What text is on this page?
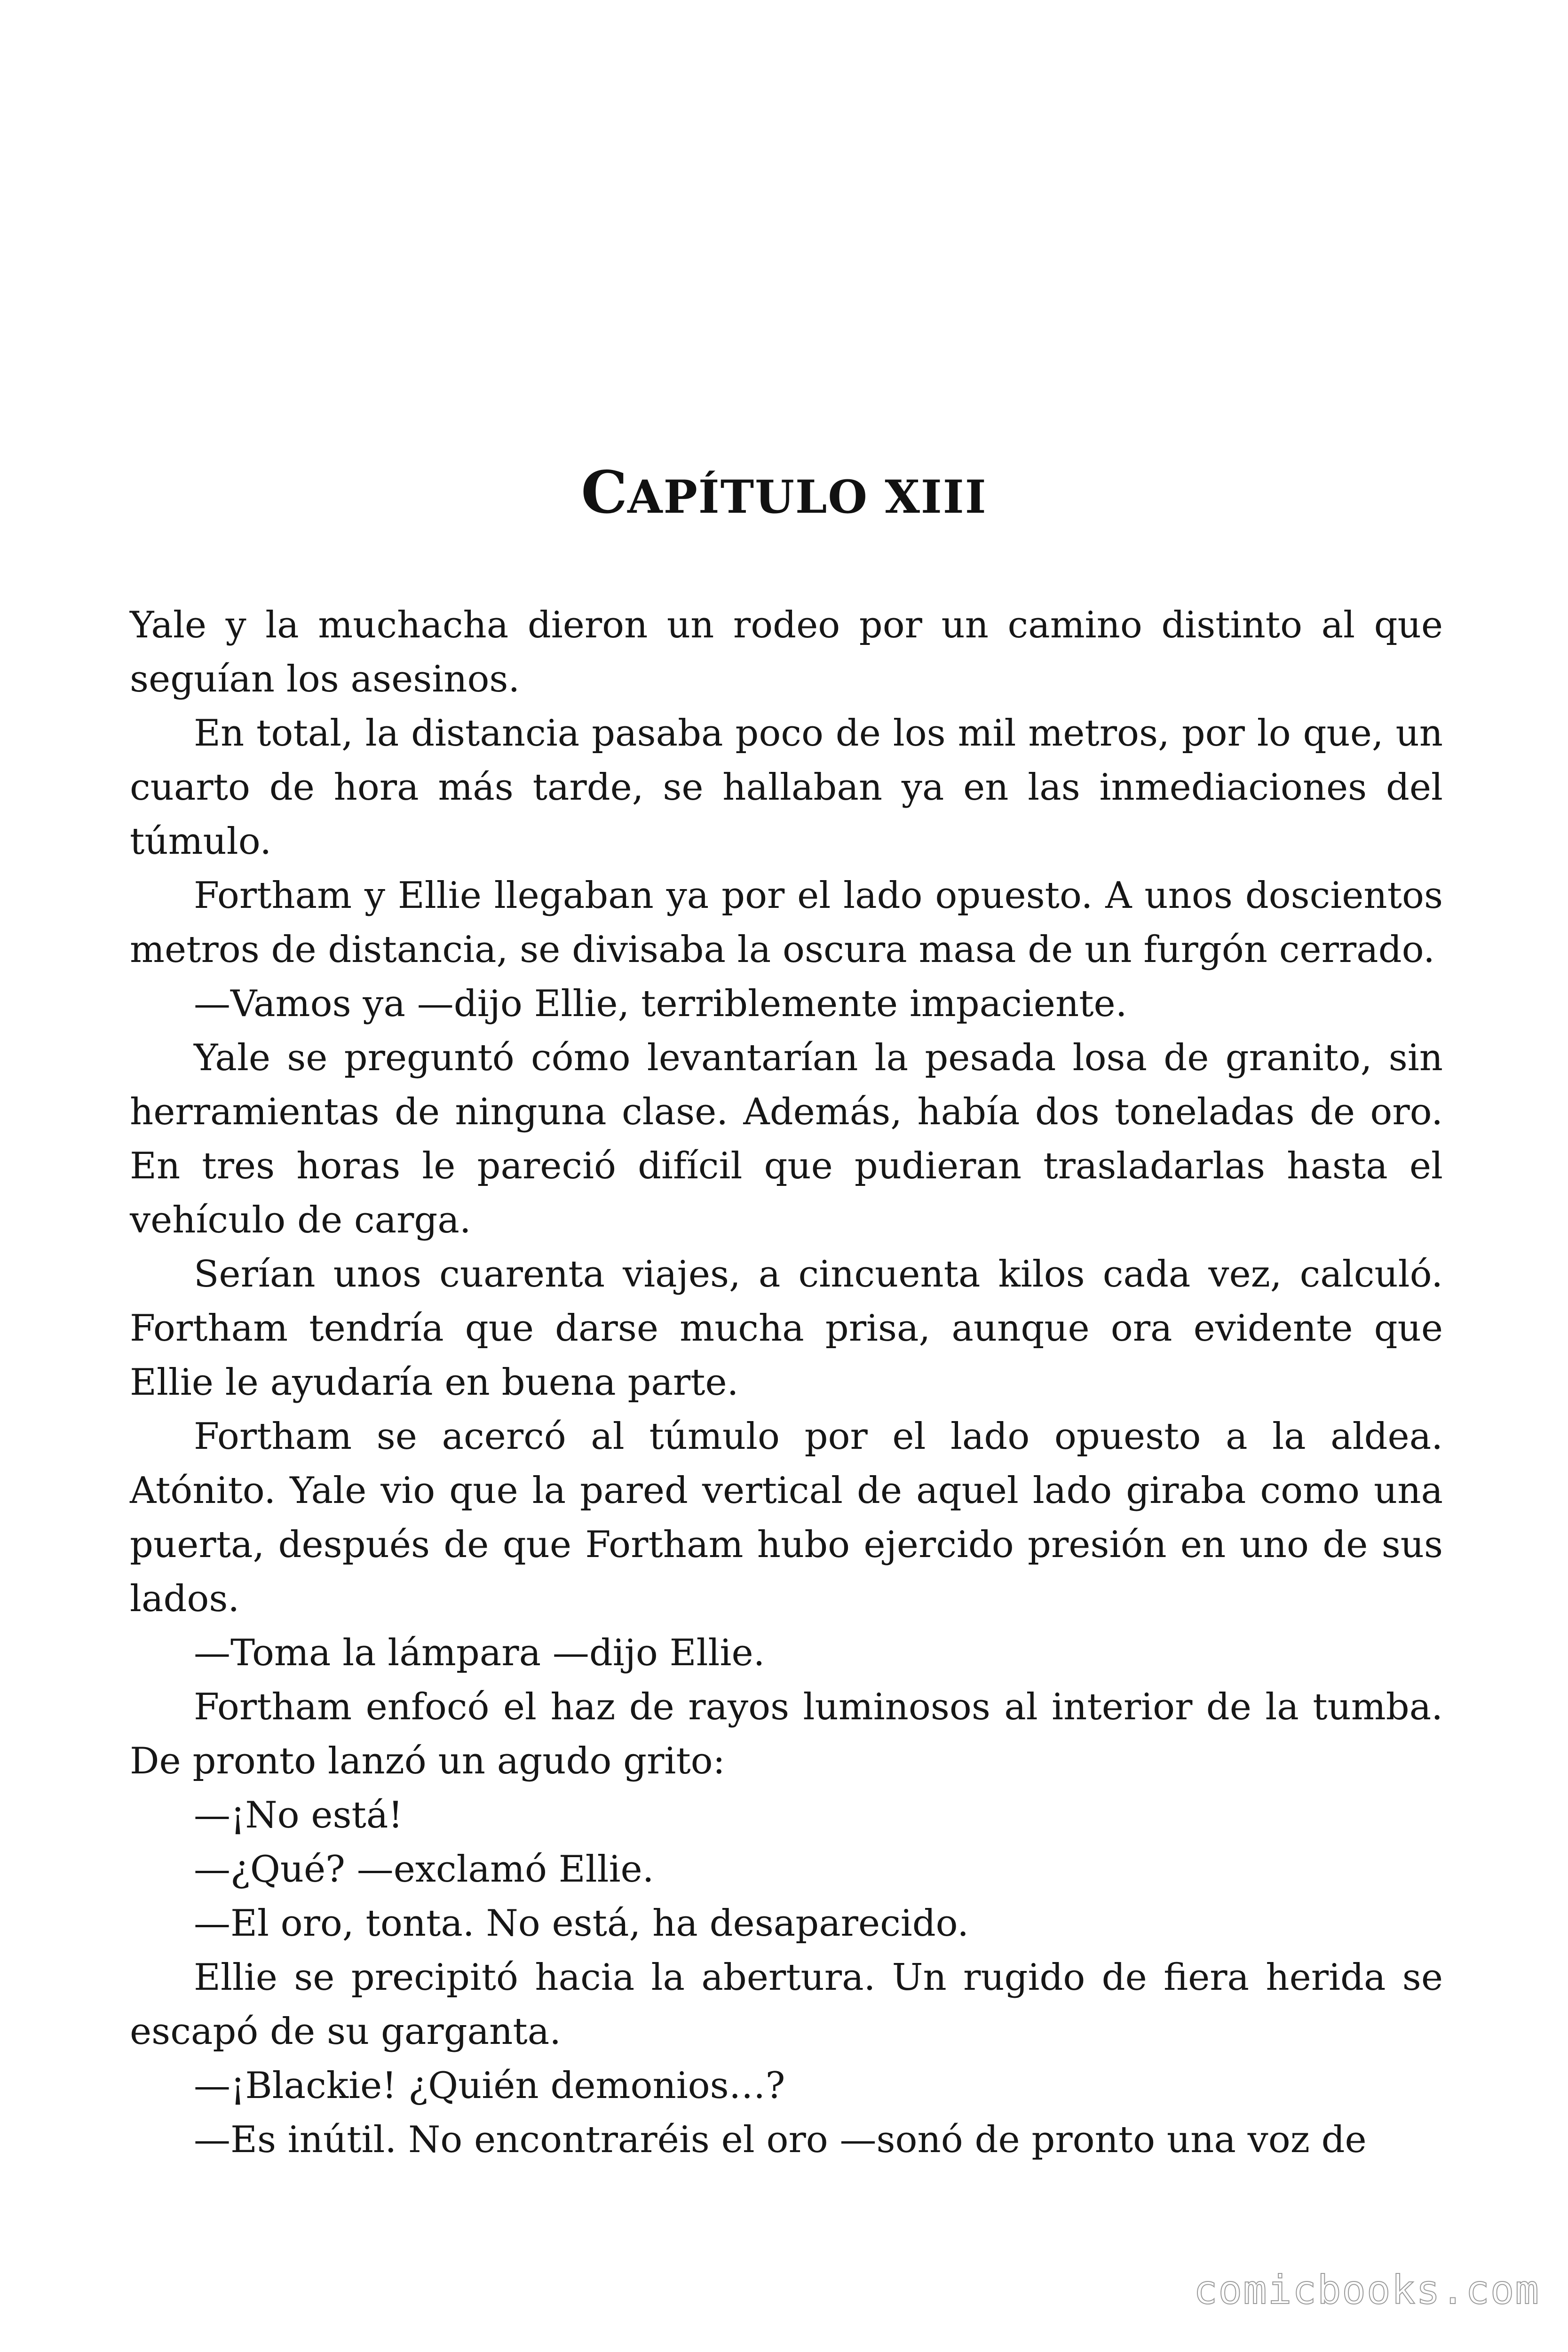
CAPÍTULO XIII

Yale y la muchacha dieron un rodeo por un camino distinto al que seguían los asesinos.

En total, la distancia pasaba poco de los mil metros, por lo que, un cuarto de hora más tarde, se hallaban ya en las inmediaciones del túmulo.

Fortham y Ellie llegaban ya por el lado opuesto. A unos doscientos metros de distancia, se divisaba la oscura masa de un furgón cerrado.

—Vamos ya —dijo Ellie, terriblemente impaciente.

Yale se preguntó cómo levantarían la pesada losa de granito, sin herramientas de ninguna clase. Además, había dos toneladas de oro. En tres horas le pareció difícil que pudieran trasladarlas hasta el vehículo de carga.

Serían unos cuarenta viajes, a cincuenta kilos cada vez, calculó. Fortham tendría que darse mucha prisa, aunque ora evidente que Ellie le ayudaría en buena parte.

Fortham se acercó al túmulo por el lado opuesto a la aldea. Atónito. Yale vio que la pared vertical de aquel lado giraba como una puerta, después de que Fortham hubo ejercido presión en uno de sus lados.

—Toma la lámpara —dijo Ellie.

Fortham enfocó el haz de rayos luminosos al interior de la tumba. De pronto lanzó un agudo grito:

—¡No está!

—¿Qué? —exclamó Ellie.

—El oro, tonta. No está, ha desaparecido.

Ellie se precipitó hacia la abertura. Un rugido de fiera herida se escapó de su garganta.

—¡Blackie! ¿Quién demonios…?

—Es inútil. No encontraréis el oro —sonó de pronto una voz de

comicbooks.com
